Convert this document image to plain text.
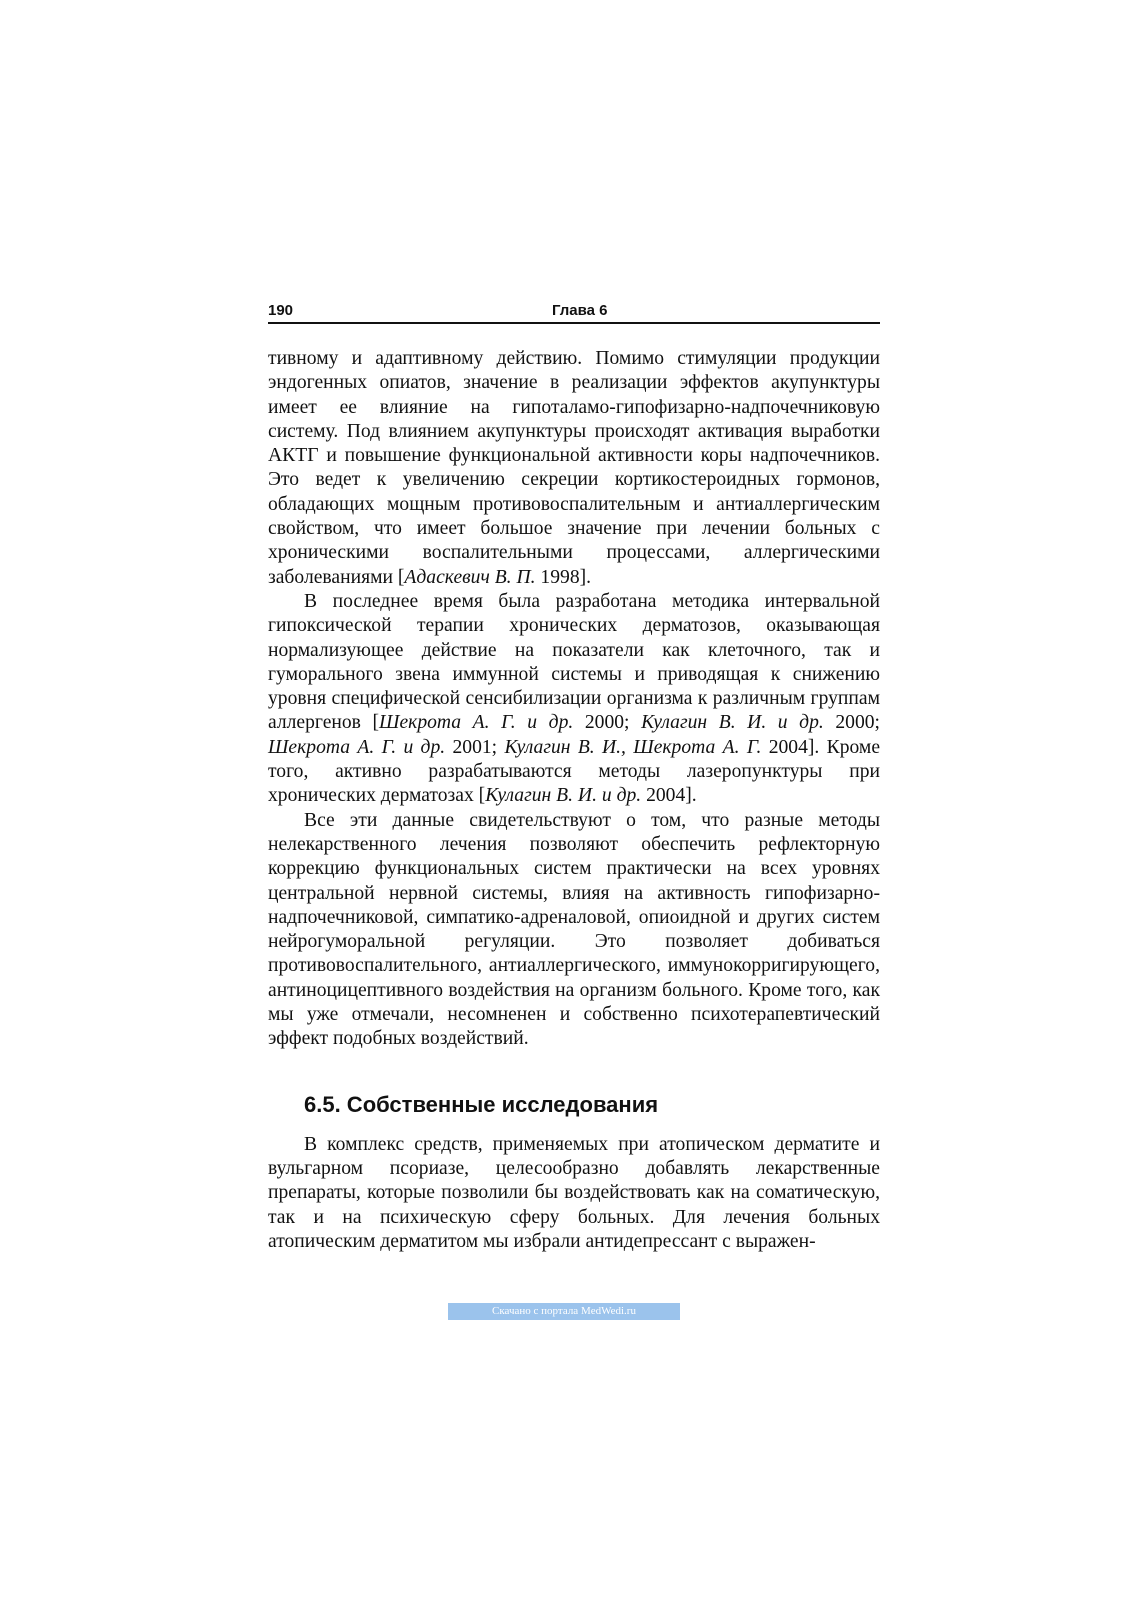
190	Глава 6

тивному и адаптивному действию. Помимо стимуляции продукции эндогенных опиатов, значение в реализации эффектов акупунктуры имеет ее влияние на гипоталамо-гипофизарно-надпочечниковую систему. Под влиянием акупунктуры происходят активация выработки АКТГ и повышение функциональной активности коры надпочечников. Это ведет к увеличению секреции кортикостероидных гормонов, обладающих мощным противовоспалительным и антиаллергическим свойством, что имеет большое значение при лечении больных с хроническими воспалительными процессами, аллергическими заболеваниями [Адаскевич В. П. 1998].

В последнее время была разработана методика интервальной гипоксической терапии хронических дерматозов, оказывающая нормализующее действие на показатели как клеточного, так и гуморального звена иммунной системы и приводящая к снижению уровня специфической сенсибилизации организма к различным группам аллергенов [Шекрота А. Г. и др. 2000; Кулагин В. И. и др. 2000; Шекрота А. Г. и др. 2001; Кулагин В. И., Шекрота А. Г. 2004]. Кроме того, активно разрабатываются методы лазеропунктуры при хронических дерматозах [Кулагин В. И. и др. 2004].

Все эти данные свидетельствуют о том, что разные методы нелекарственного лечения позволяют обеспечить рефлекторную коррекцию функциональных систем практически на всех уровнях центральной нервной системы, влияя на активность гипофизарно-надпочечниковой, симпатико-адреналовой, опиоидной и других систем нейрогуморальной регуляции. Это позволяет добиваться противовоспалительного, антиаллергического, иммунокорригирующего, антиноцицептивного воздействия на организм больного. Кроме того, как мы уже отмечали, несомненен и собственно психотерапевтический эффект подобных воздействий.

6.5. Собственные исследования

В комплекс средств, применяемых при атопическом дерматите и вульгарном псориазе, целесообразно добавлять лекарственные препараты, которые позволили бы воздействовать как на соматическую, так и на психическую сферу больных. Для лечения больных атопическим дерматитом мы избрали антидепрессант с выражен-

Скачано с портала MedWedi.ru
